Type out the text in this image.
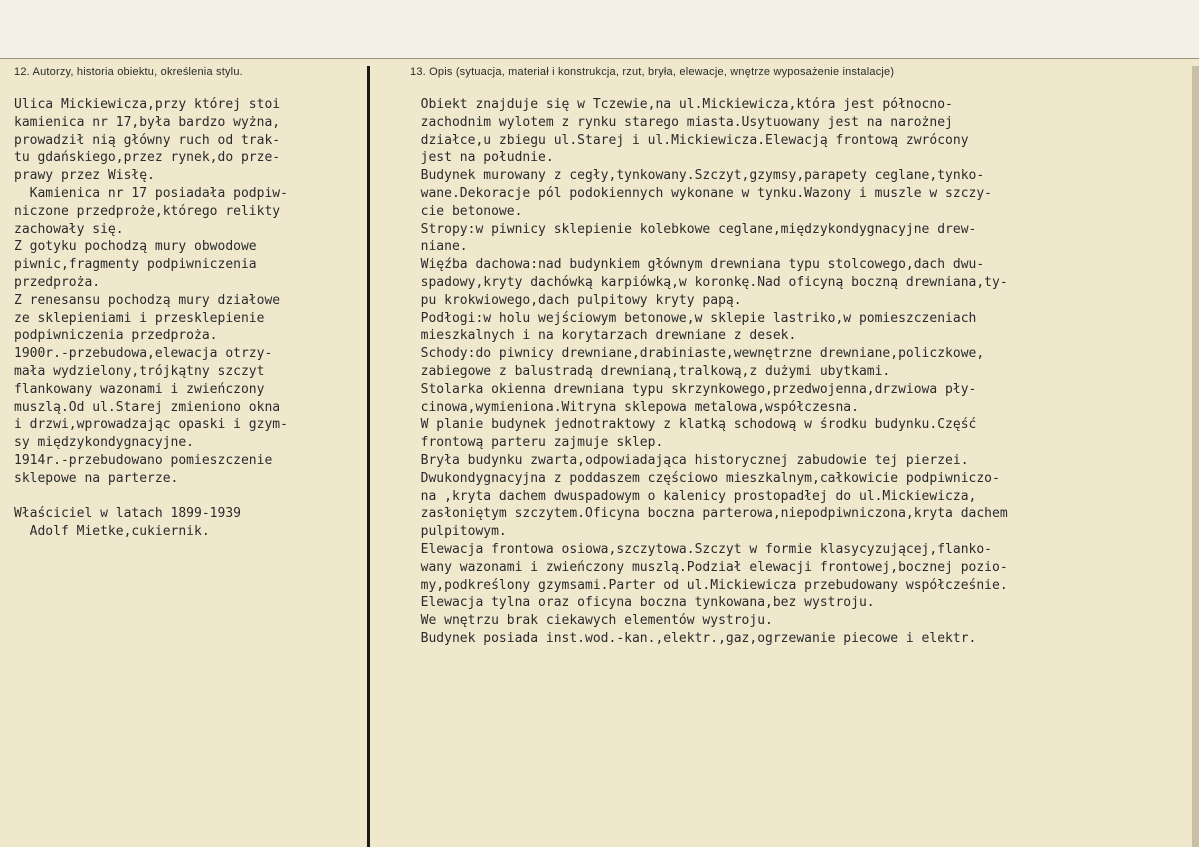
12. Autorzy, historia obiektu, określenia stylu.	13. Opis (sytuacja, materiał i konstrukcja, rzut, bryła, elewacje, wnętrze wyposażenie instalacje)
Ulica Mickiewicza,przy której stoi
kamienica nr 17,była bardzo wyżna,
prowadził nią główny ruch od trak-
tu gdańskiego,przez rynek,do prze-
prawy przez Wisłę.
Kamienica nr 17 posiadała podpiw-
niczone przedproże,którego relikty
zachowały się.
Z gotyku pochodzą mury obwodowe
piwnic,fragmenty podpiwniczenia
przedproża.
Z renesansu pochodzą mury działowe
ze sklepieniami i przesklepienie
podpiwniczenia przedproża.
1900r.-przebudowa,elewacja otrzy-
mała wydzielony,trójkątny szczyt
flankowany wazonami i zwieńczony
muszlą.Od ul.Starej zmieniono okna
i drzwi,wprowadzając opaski i gzym-
sy międzykondygnacyjne.
1914r.-przebudowano pomieszczenie
sklepowe na parterze.
Właściciel w latach 1899-1939
Adolf Mietke,cukiernik.
Obiekt znajduje się w Tczewie,na ul.Mickiewicza,która jest północno-
zachodnim wylotem z rynku starego miasta.Usytuowany jest na narożnej
działce,u zbiegu ul.Starej i ul.Mickiewicza.Elewacją frontową zwrócony
jest na południe.
Budynek murowany z cegły,tynkowany.Szczyt,gzymsy,parapety ceglane,tynko-
wane.Dekoracje pól podokiennych wykonane w tynku.Wazony i muszle w szczy-
cie betonowe.
Stropy:w piwnicy sklepienie kolebkowe ceglane,międzykondygnacyjne drew-
niane.
Więźba dachowa:nad budynkiem głównym drewniana typu stolcowego,dach dwu-
spadowy,kryty dachówką karpiówką,w koronkę.Nad oficyną boczną drewniana,ty-
pu krokwiowego,dach pulpitowy kryty papą.
Podłogi:w holu wejściowym betonowe,w sklepie lastriko,w pomieszczeniach
mieszkalnych i na korytarzach drewniane z desek.
Schody:do piwnicy drewniane,drabiniaste,wewnętrzne drewniane,policzkowe,
zabiegowe z balustradą drewnianą,tralkową,z dużymi ubytkami.
Stolarka okienna drewniana typu skrzynkowego,przedwojenna,drzwiowa pły-
cinowa,wymieniona.Witryna sklepowa metalowa,współczesna.
W planie budynek jednotraktowy z klatką schodową w środku budynku.Część
frontową parteru zajmuje sklep.
Bryła budynku zwarta,odpowiadająca historycznej zabudowie tej pierzei.
Dwukondygnacyjna z poddaszem częściowo mieszkalnym,całkowicie podpiwniczo-
na ,kryta dachem dwuspadowym o kalenicy prostopadłej do ul.Mickiewicza,
zasłoniętym szczytem.Oficyna boczna parterowa,niepodpiwniczona,kryta dachem
pulpitowym.
Elewacja frontowa osiowa,szczytowa.Szczyt w formie klasycyzującej,flanko-
wany wazonami i zwieńczony muszlą.Podział elewacji frontowej,bocznej pozio-
my,podkreślony gzymsami.Parter od ul.Mickiewicza przebudowany współcześnie.
Elewacja tylna oraz oficyna boczna tynkowana,bez wystroju.
We wnętrzu brak ciekawych elementów wystroju.
Budynek posiada inst.wod.-kan.,elektr.,gaz,ogrzewanie piecowe i elektr.
